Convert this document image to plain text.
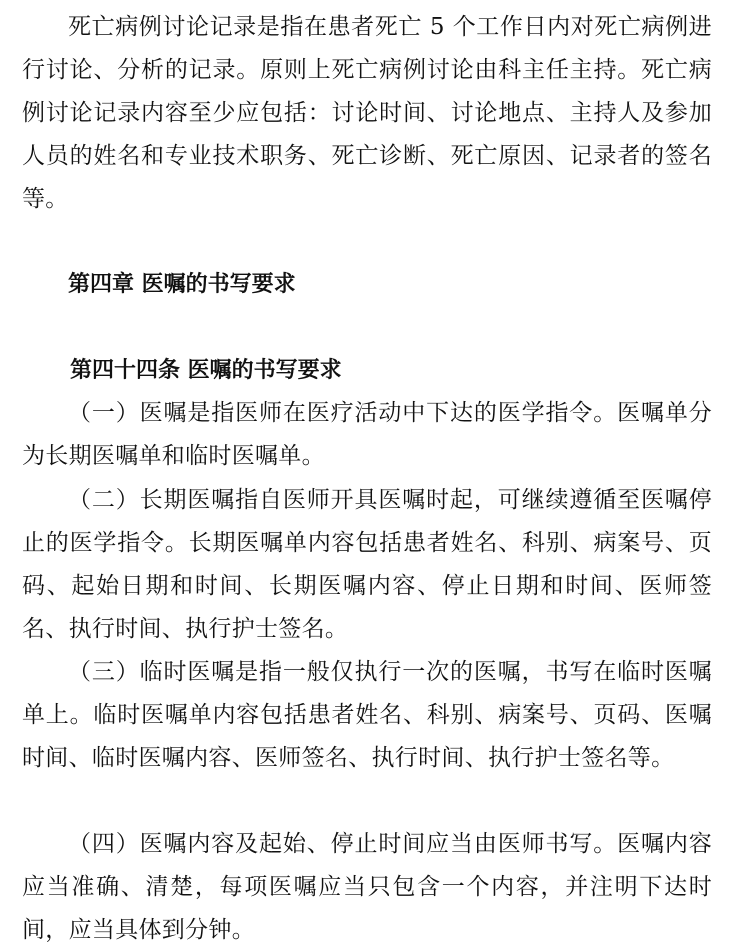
死亡病例讨论记录是指在患者死亡 5 个工作日内对死亡病例进行讨论、分析的记录。原则上死亡病例讨论由科主任主持。死亡病例讨论记录内容至少应包括：讨论时间、讨论地点、主持人及参加人员的姓名和专业技术职务、死亡诊断、死亡原因、记录者的签名等。

第四章 医嘱的书写要求
第四十四条 医嘱的书写要求

（一）医嘱是指医师在医疗活动中下达的医学指令。医嘱单分为长期医嘱单和临时医嘱单。

（二）长期医嘱指自医师开具医嘱时起，可继续遵循至医嘱停止的医学指令。长期医嘱单内容包括患者姓名、科别、病案号、页码、起始日期和时间、长期医嘱内容、停止日期和时间、医师签名、执行时间、执行护士签名。

（三）临时医嘱是指一般仅执行一次的医嘱，书写在临时医嘱单上。临时医嘱单内容包括患者姓名、科别、病案号、页码、医嘱时间、临时医嘱内容、医师签名、执行时间、执行护士签名等。

（四）医嘱内容及起始、停止时间应当由医师书写。医嘱内容应当准确、清楚，每项医嘱应当只包含一个内容，并注明下达时间，应当具体到分钟。
